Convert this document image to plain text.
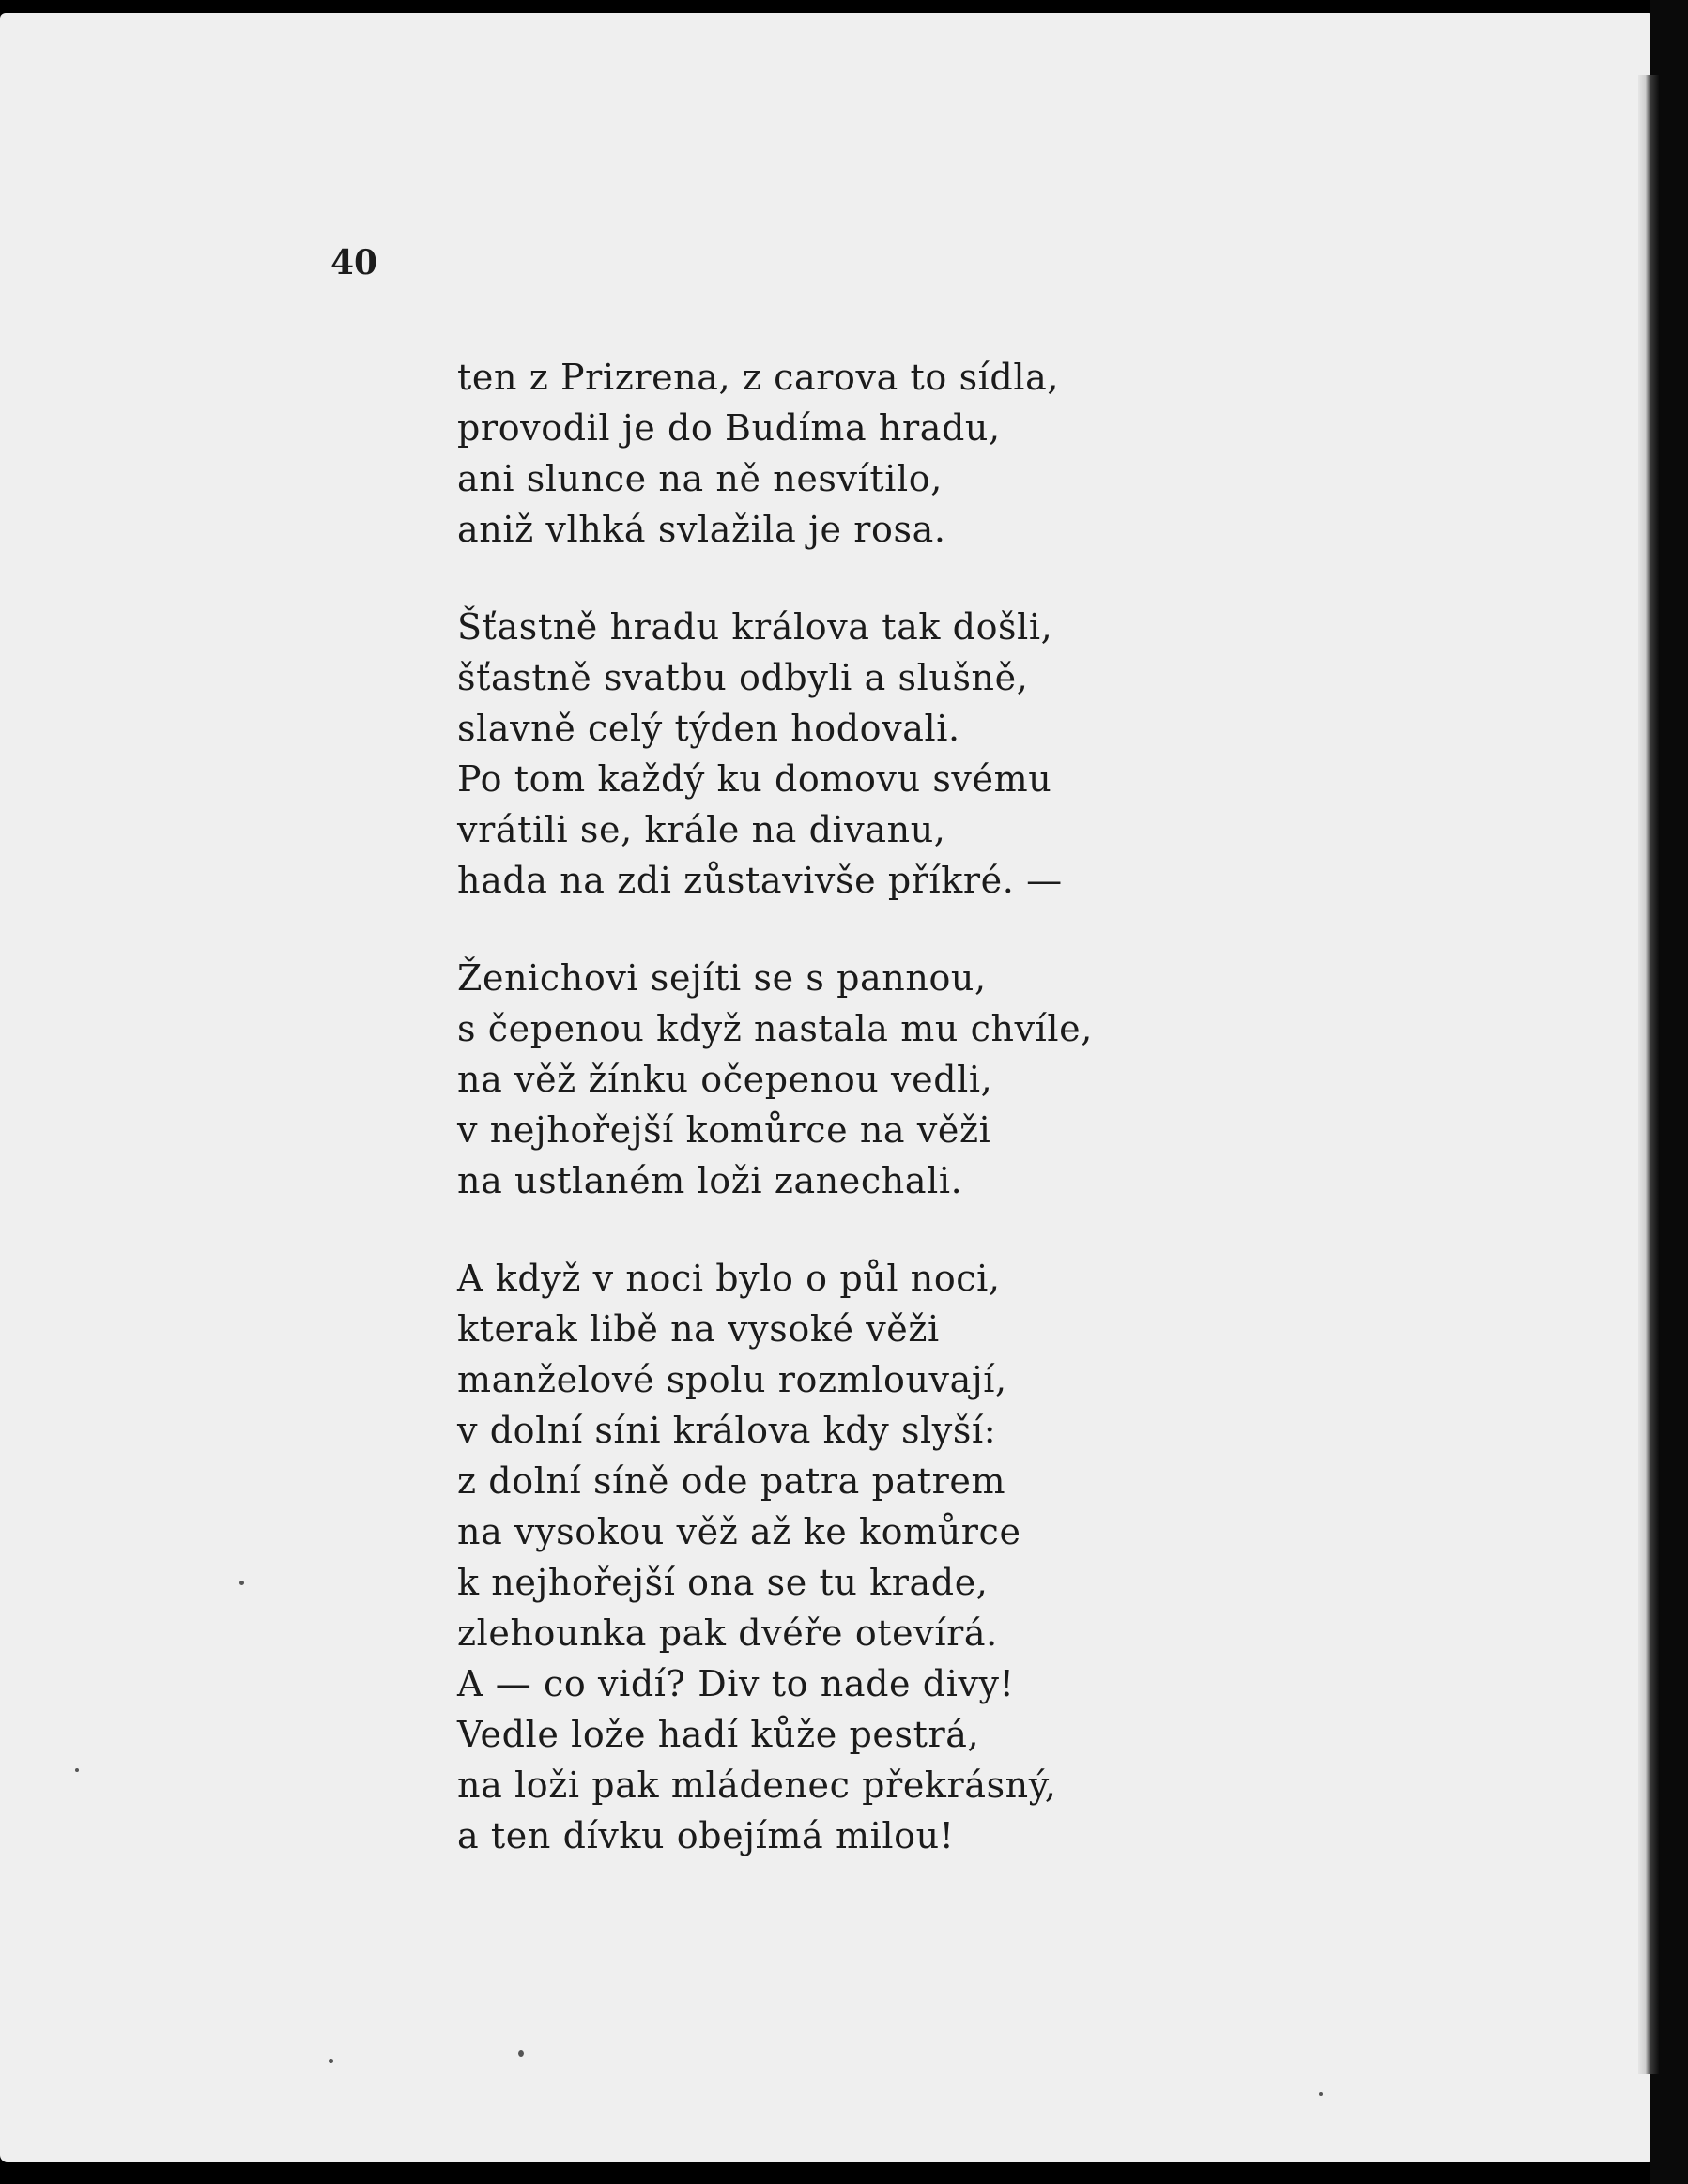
40
ten z Prizrena, z carova to sídla,
provodil je do Budíma hradu,
ani slunce na ně nesvítilo,
aniž vlhká svlažila je rosa.
Šťastně hradu králova tak došli,
šťastně svatbu odbyli a slušně,
slavně celý týden hodovali.
Po tom každý ku domovu svému
vrátili se, krále na divanu,
hada na zdi zůstavivše příkré. —
Ženichovi sejíti se s pannou,
s čepenou když nastala mu chvíle,
na věž žínku očepenou vedli,
v nejhořejší komůrce na věži
na ustlaném loži zanechali.
A když v noci bylo o půl noci,
kterak libě na vysoké věži
manželové spolu rozmlouvají,
v dolní síni králova kdy slyší:
z dolní síně ode patra patrem
na vysokou věž až ke komůrce
k nejhořejší ona se tu krade,
zlehounka pak dvéře otevírá.
A — co vidí? Div to nade divy!
Vedle lože hadí kůže pestrá,
na loži pak mládenec překrásný,
a ten dívku obejímá milou!
